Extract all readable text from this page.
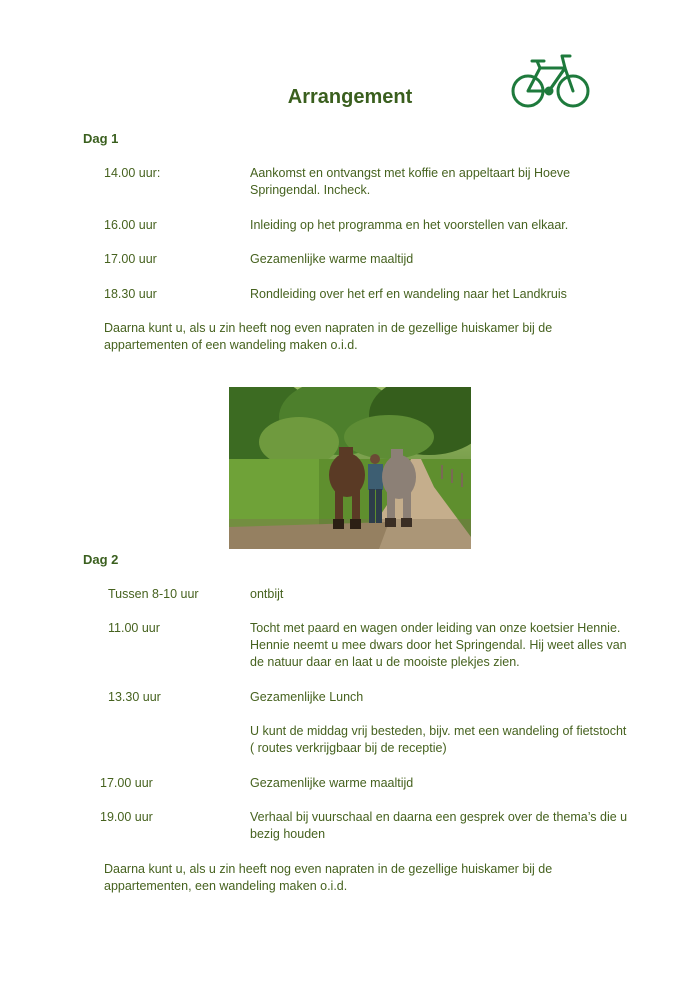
Arrangement
Dag 1
14.00 uur:	Aankomst en ontvangst met koffie en appeltaart bij Hoeve Springendal. Incheck.
16.00 uur	Inleiding op het programma en het voorstellen van elkaar.
17.00 uur	Gezamenlijke warme maaltijd
18.30 uur	Rondleiding over het erf en wandeling naar het Landkruis
Daarna kunt u, als u zin heeft nog even napraten in de gezellige huiskamer bij de appartementen of een wandeling maken o.i.d.
Dag 2
Tussen 8-10 uur	ontbijt
11.00 uur	Tocht met paard en wagen onder leiding van onze koetsier Hennie. Hennie neemt u mee dwars door het Springendal. Hij weet alles van de natuur daar en laat u de mooiste plekjes zien.
13.30 uur	Gezamenlijke Lunch
U kunt de middag vrij besteden, bijv. met een wandeling of fietstocht ( routes verkrijgbaar bij de receptie)
17.00 uur	Gezamenlijke warme maaltijd
19.00 uur	Verhaal bij vuurschaal en daarna een gesprek over de thema’s die u bezig houden
Daarna kunt u, als u zin heeft nog even napraten in de gezellige huiskamer bij de appartementen, een wandeling maken o.i.d.
